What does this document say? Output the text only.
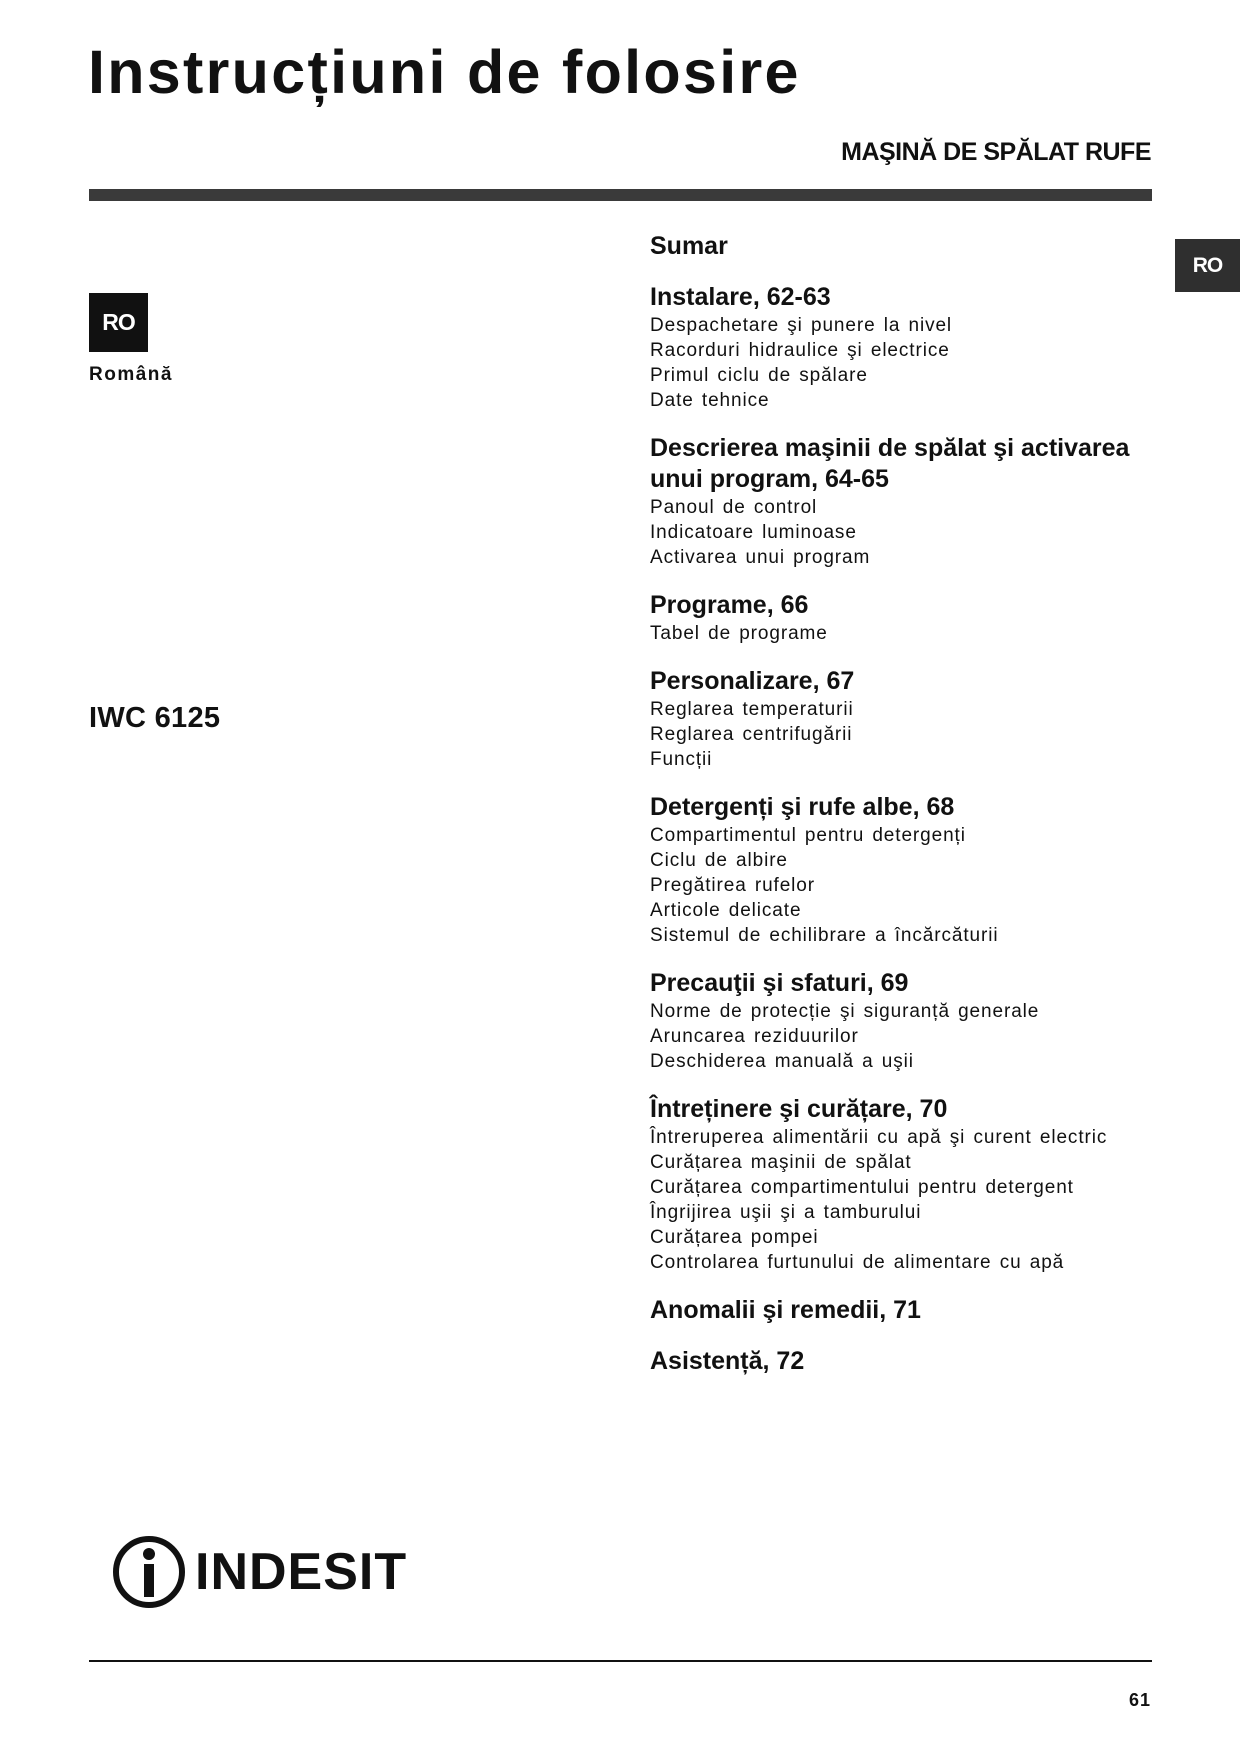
Instrucțiuni de folosire
MAŞINĂ DE SPĂLAT RUFE
RO
RO
Română
IWC 6125
Sumar
Instalare, 62-63
Despachetare şi punere la nivel
Racorduri hidraulice şi electrice
Primul ciclu de spălare
Date tehnice
Descrierea maşinii de spălat şi activarea unui program, 64-65
Panoul de control
Indicatoare luminoase
Activarea unui program
Programe, 66
Tabel de programe
Personalizare, 67
Reglarea temperaturii
Reglarea centrifugării
Funcții
Detergenți şi rufe albe, 68
Compartimentul pentru detergenți
Ciclu de albire
Pregătirea rufelor
Articole delicate
Sistemul de echilibrare a încărcăturii
Precauţii şi sfaturi, 69
Norme de protecție şi siguranță generale
Aruncarea reziduurilor
Deschiderea manuală a uşii
Întreținere şi curățare, 70
Întreruperea alimentării cu apă şi curent electric
Curățarea maşinii de spălat
Curățarea compartimentului pentru detergent
Îngrijirea uşii şi a tamburului
Curățarea pompei
Controlarea furtunului de alimentare cu apă
Anomalii şi remedii, 71
Asistență, 72
INDESIT
61
